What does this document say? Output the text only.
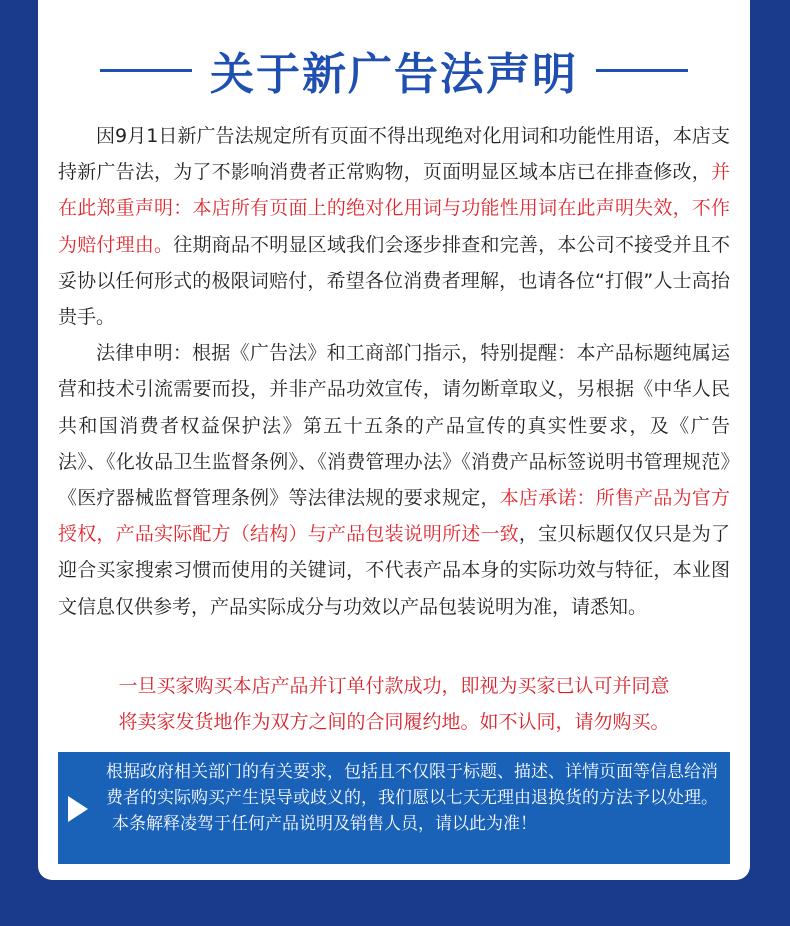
关于新广告法声明

因9月1日新广告法规定所有页面不得出现绝对化用词和功能性用语，本店支持新广告法，为了不影响消费者正常购物，页面明显区域本店已在排查修改，并在此郑重声明：本店所有页面上的绝对化用词与功能性用词在此声明失效，不作为赔付理由。往期商品不明显区域我们会逐步排查和完善，本公司不接受并且不妥协以任何形式的极限词赔付，希望各位消费者理解，也请各位“打假”人士高抬贵手。

法律申明：根据《广告法》和工商部门指示，特别提醒：本产品标题纯属运营和技术引流需要而投，并非产品功效宣传，请勿断章取义，另根据《中华人民共和国消费者权益保护法》第五十五条的产品宣传的真实性要求，及《广告法》、《化妆品卫生监督条例》、《消费管理办法》《消费产品标签说明书管理规范》《医疗器械监督管理条例》等法律法规的要求规定，本店承诺：所售产品为官方授权，产品实际配方（结构）与产品包装说明所述一致，宝贝标题仅仅只是为了迎合买家搜索习惯而使用的关键词，不代表产品本身的实际功效与特征，本业图文信息仅供参考，产品实际成分与功效以产品包装说明为准，请悉知。

一旦买家购买本店产品并订单付款成功，即视为买家已认可并同意
将卖家发货地作为双方之间的合同履约地。如不认同，请勿购买。
根据政府相关部门的有关要求，包括且不仅限于标题、描述、详情页面等信息给消费者的实际购买产生误导或歧义的，我们愿以七天无理由退换货的方法予以处理。
本条解释凌驾于任何产品说明及销售人员，请以此为准！
